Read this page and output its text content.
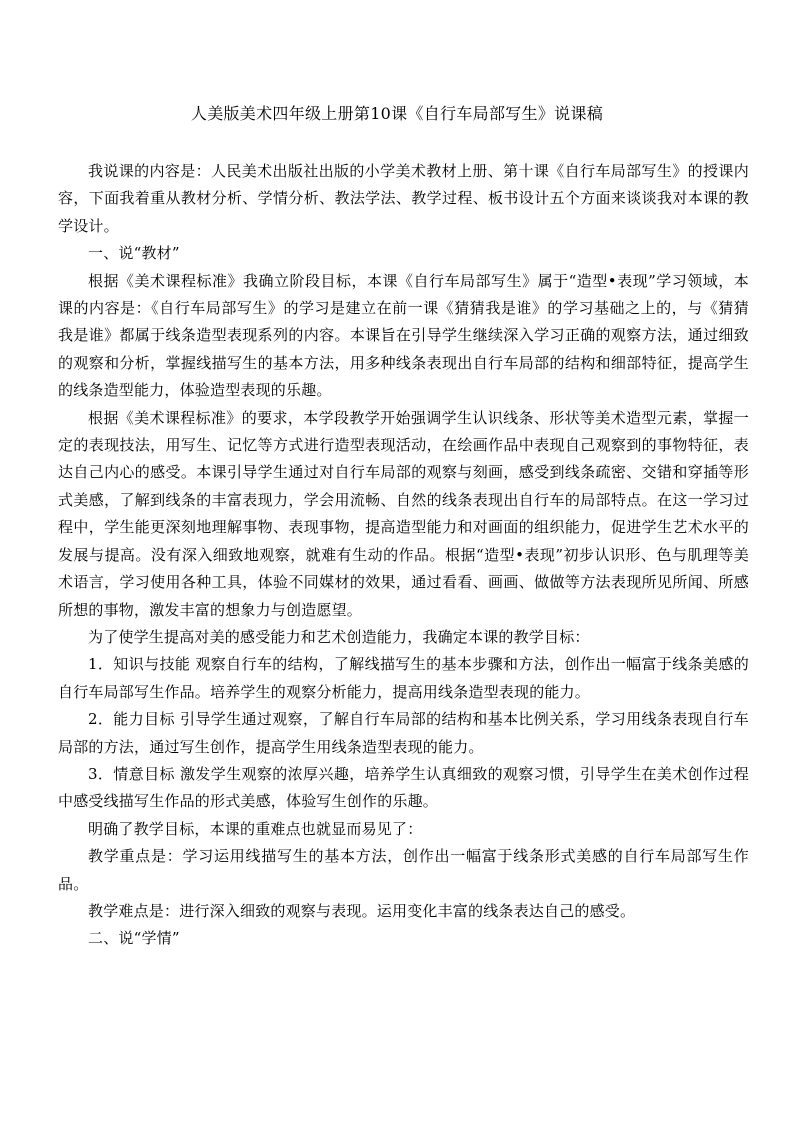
人美版美术四年级上册第10课《自行车局部写生》说课稿

我说课的内容是：人民美术出版社出版的小学美术教材上册、第十课《自行车局部写生》的授课内容，下面我着重从教材分析、学情分析、教法学法、教学过程、板书设计五个方面来谈谈我对本课的教学设计。

一、说“教材”

根据《美术课程标准》我确立阶段目标，本课《自行车局部写生》属于“造型•表现”学习领域，本课的内容是：《自行车局部写生》的学习是建立在前一课《猜猜我是谁》的学习基础之上的，与《猜猜我是谁》都属于线条造型表现系列的内容。本课旨在引导学生继续深入学习正确的观察方法，通过细致的观察和分析，掌握线描写生的基本方法，用多种线条表现出自行车局部的结构和细部特征，提高学生的线条造型能力，体验造型表现的乐趣。

根据《美术课程标准》的要求，本学段教学开始强调学生认识线条、形状等美术造型元素，掌握一定的表现技法，用写生、记忆等方式进行造型表现活动，在绘画作品中表现自己观察到的事物特征，表达自己内心的感受。本课引导学生通过对自行车局部的观察与刻画，感受到线条疏密、交错和穿插等形式美感，了解到线条的丰富表现力，学会用流畅、自然的线条表现出自行车的局部特点。在这一学习过程中，学生能更深刻地理解事物、表现事物，提高造型能力和对画面的组织能力，促进学生艺术水平的发展与提高。没有深入细致地观察，就难有生动的作品。根据“造型•表现”初步认识形、色与肌理等美术语言，学习使用各种工具，体验不同媒材的效果，通过看看、画画、做做等方法表现所见所闻、所感所想的事物，激发丰富的想象力与创造愿望。

为了使学生提高对美的感受能力和艺术创造能力，我确定本课的教学目标：

1．知识与技能 观察自行车的结构，了解线描写生的基本步骤和方法，创作出一幅富于线条美感的自行车局部写生作品。培养学生的观察分析能力，提高用线条造型表现的能力。

2．能力目标 引导学生通过观察，了解自行车局部的结构和基本比例关系，学习用线条表现自行车局部的方法，通过写生创作，提高学生用线条造型表现的能力。

3．情意目标 激发学生观察的浓厚兴趣，培养学生认真细致的观察习惯，引导学生在美术创作过程中感受线描写生作品的形式美感，体验写生创作的乐趣。

明确了教学目标，本课的重难点也就显而易见了：

教学重点是：学习运用线描写生的基本方法，创作出一幅富于线条形式美感的自行车局部写生作品。

教学难点是：进行深入细致的观察与表现。运用变化丰富的线条表达自己的感受。

二、说“学情”
